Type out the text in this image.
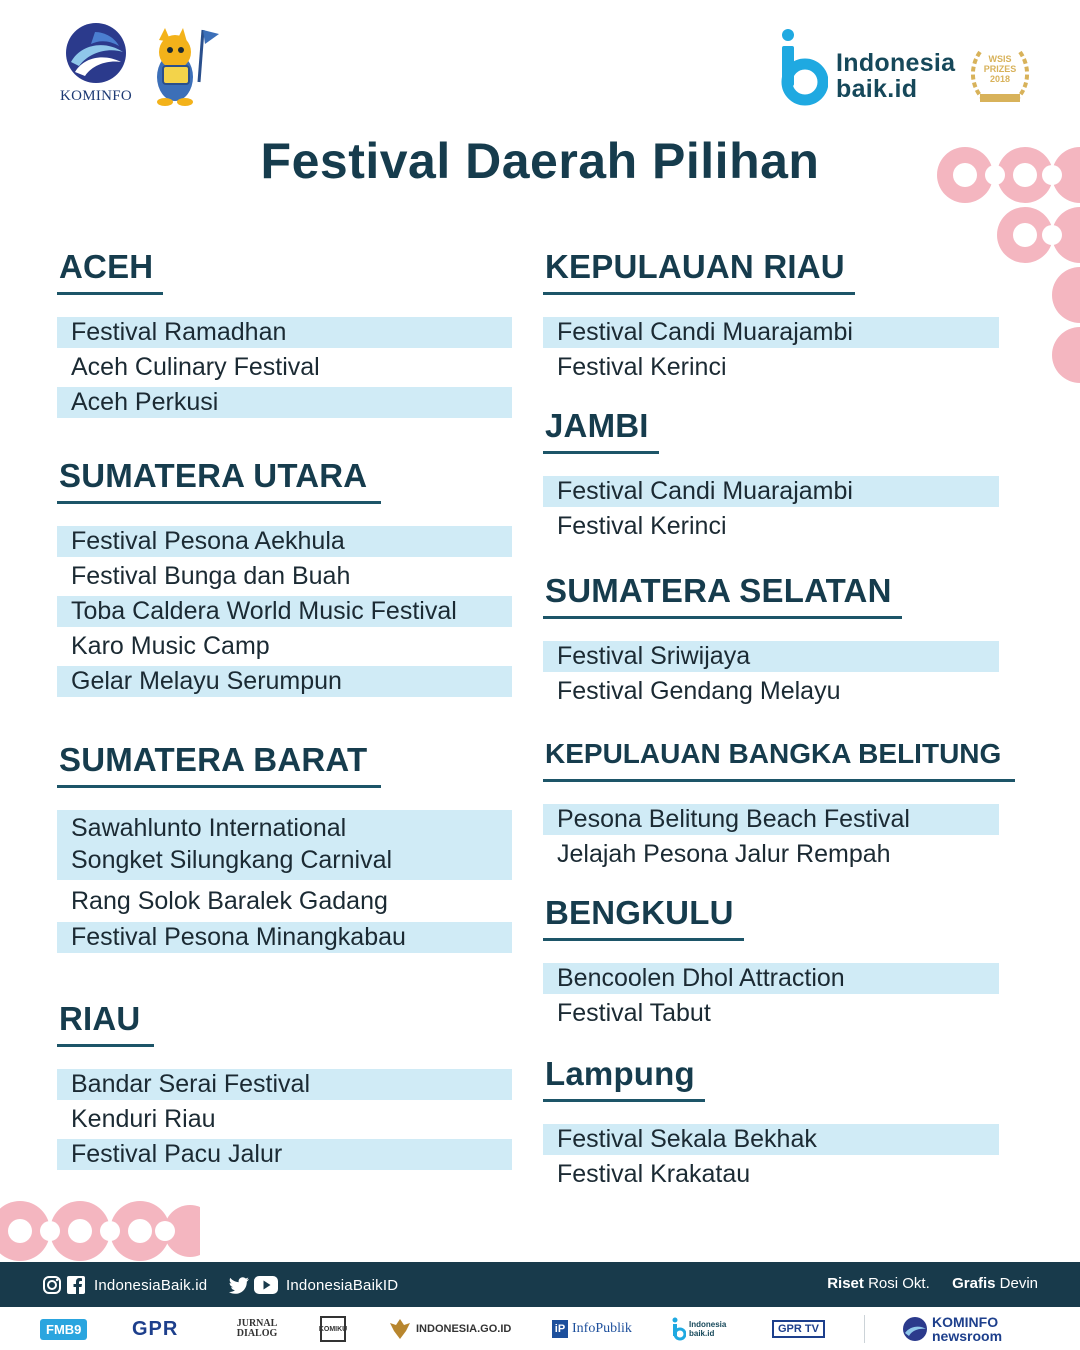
KOMINFO
Indonesia
baik.id
WSIS
PRIZES
2018
WINNER
Festival Daerah Pilihan
ACEH
Festival Ramadhan
Aceh Culinary Festival
Aceh Perkusi
SUMATERA UTARA
Festival Pesona Aekhula
Festival Bunga dan Buah
Toba Caldera World Music Festival
Karo Music Camp
Gelar Melayu Serumpun
SUMATERA BARAT
Sawahlunto International
Songket Silungkang Carnival
Rang Solok Baralek Gadang
Festival Pesona Minangkabau
RIAU
Bandar Serai Festival
Kenduri Riau
Festival Pacu Jalur
KEPULAUAN RIAU
Festival Candi Muarajambi
Festival Kerinci
JAMBI
Festival Candi Muarajambi
Festival Kerinci
SUMATERA SELATAN
Festival Sriwijaya
Festival Gendang Melayu
KEPULAUAN BANGKA BELITUNG
Pesona Belitung Beach Festival
Jelajah Pesona Jalur Rempah
BENGKULU
Bencoolen Dhol Attraction
Festival Tabut
Lampung
Festival Sekala Bekhak
Festival Krakatau
IndonesiaBaik.id	IndonesiaBaikID	Riset Rosi Okt. Grafis Devin
FMB9	GPR	JURNAL DIALOG	KOMIKU	INDONESIA.GO.ID	iP InfoPublik	Indonesia baik.id	GPR TV	KOMINFO newsroom
